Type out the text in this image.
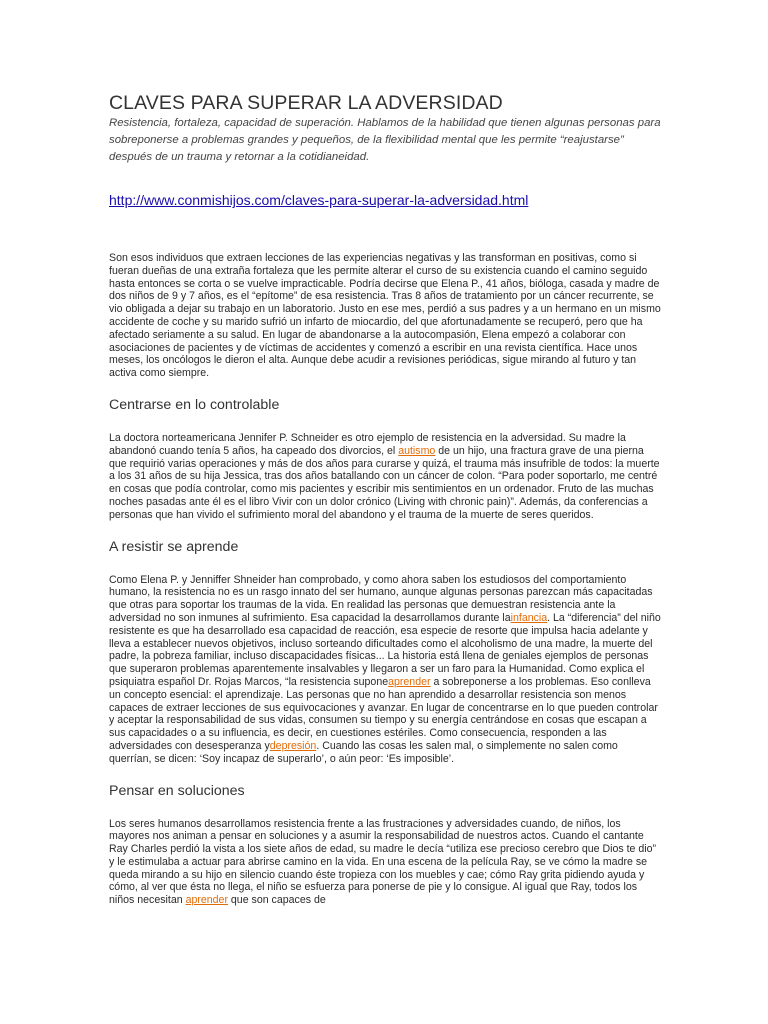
CLAVES PARA SUPERAR LA ADVERSIDAD

Resistencia, fortaleza, capacidad de superación. Hablamos de la habilidad que tienen algunas personas para sobreponerse a problemas grandes y pequeños, de la flexibilidad mental que les permite “reajustarse” después de un trauma y retornar a la cotidianeidad.

http://www.conmishijos.com/claves-para-superar-la-adversidad.html

Son esos individuos que extraen lecciones de las experiencias negativas y las transforman en positivas, como si fueran dueñas de una extraña fortaleza que les permite alterar el curso de su existencia cuando el camino seguido hasta entonces se corta o se vuelve impracticable. Podría decirse que Elena P., 41 años, bióloga, casada y madre de dos niños de 9 y 7 años, es el “epítome” de esa resistencia. Tras 8 años de tratamiento por un cáncer recurrente, se vio obligada a dejar su trabajo en un laboratorio. Justo en ese mes, perdió a sus padres y a un hermano en un mismo accidente de coche y su marido sufrió un infarto de miocardio, del que afortunadamente se recuperó, pero que ha afectado seriamente a su salud. En lugar de abandonarse a la autocompasión, Elena empezó a colaborar con asociaciones de pacientes y de víctimas de accidentes y comenzó a escribir en una revista científica. Hace unos meses, los oncólogos le dieron el alta. Aunque debe acudir a revisiones periódicas, sigue mirando al futuro y tan activa como siempre.

Centrarse en lo controlable

La doctora norteamericana Jennifer P. Schneider es otro ejemplo de resistencia en la adversidad. Su madre la abandonó cuando tenía 5 años, ha capeado dos divorcios, el autismo de un hijo, una fractura grave de una pierna que requirió varias operaciones y más de dos años para curarse y quizá, el trauma más insufrible de todos: la muerte a los 31 años de su hija Jessica, tras dos años batallando con un cáncer de colon. “Para poder soportarlo, me centré en cosas que podía controlar, como mis pacientes y escribir mis sentimientos en un ordenador. Fruto de las muchas noches pasadas ante él es el libro Vivir con un dolor crónico (Living with chronic pain)”. Además, da conferencias a personas que han vivido el sufrimiento moral del abandono y el trauma de la muerte de seres queridos.

A resistir se aprende

Como Elena P. y Jenniffer Shneider han comprobado, y como ahora saben los estudiosos del comportamiento humano, la resistencia no es un rasgo innato del ser humano, aunque algunas personas parezcan más capacitadas que otras para soportar los traumas de la vida. En realidad las personas que demuestran resistencia ante la adversidad no son inmunes al sufrimiento. Esa capacidad la desarrollamos durante lainfancia. La “diferencia” del niño resistente es que ha desarrollado esa capacidad de reacción, esa especie de resorte que impulsa hacia adelante y lleva a establecer nuevos objetivos, incluso sorteando dificultades como el alcoholismo de una madre, la muerte del padre, la pobreza familiar, incluso discapacidades físicas... La historia está llena de geniales ejemplos de personas que superaron problemas aparentemente insalvables y llegaron a ser un faro para la Humanidad. Como explica el psiquiatra español Dr. Rojas Marcos, “la resistencia suponeaprender a sobreponerse a los problemas. Eso conlleva un concepto esencial: el aprendizaje. Las personas que no han aprendido a desarrollar resistencia son menos capaces de extraer lecciones de sus equivocaciones y avanzar. En lugar de concentrarse en lo que pueden controlar y aceptar la responsabilidad de sus vidas, consumen su tiempo y su energía centrándose en cosas que escapan a sus capacidades o a su influencia, es decir, en cuestiones estériles. Como consecuencia, responden a las adversidades con desesperanza ydepresión. Cuando las cosas les salen mal, o simplemente no salen como querrían, se dicen: ‘Soy incapaz de superarlo’, o aún peor: ‘Es imposible’.

Pensar en soluciones

Los seres humanos desarrollamos resistencia frente a las frustraciones y adversidades cuando, de niños, los mayores nos animan a pensar en soluciones y a asumir la responsabilidad de nuestros actos. Cuando el cantante Ray Charles perdió la vista a los siete años de edad, su madre le decía “utiliza ese precioso cerebro que Dios te dio” y le estimulaba a actuar para abrirse camino en la vida. En una escena de la película Ray, se ve cómo la madre se queda mirando a su hijo en silencio cuando éste tropieza con los muebles y cae; cómo Ray grita pidiendo ayuda y cómo, al ver que ésta no llega, el niño se esfuerza para ponerse de pie y lo consigue. Al igual que Ray, todos los niños necesitan aprender que son capaces de
